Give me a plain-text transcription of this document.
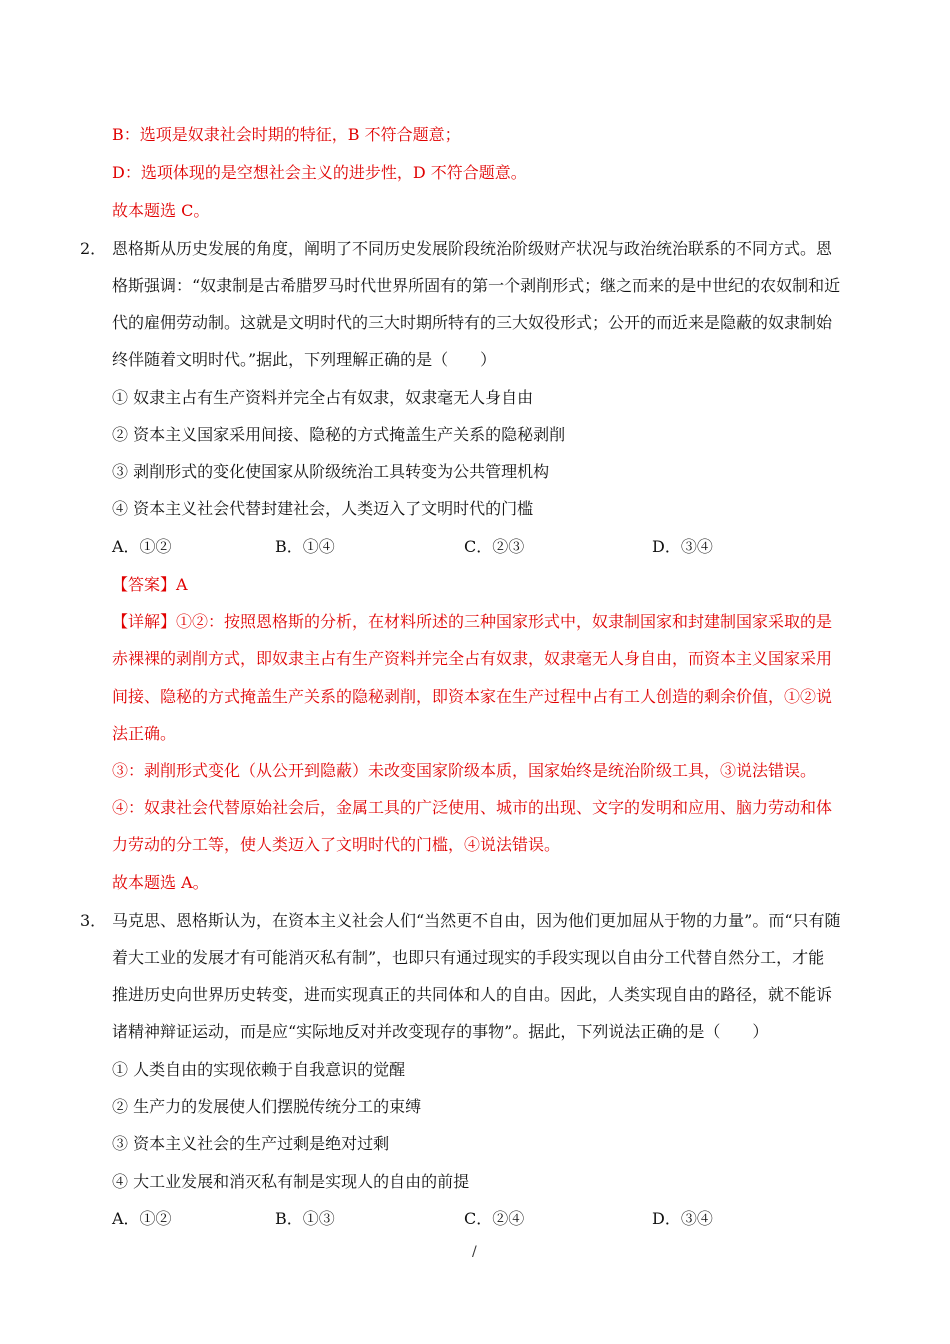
B：选项是奴隶社会时期的特征，B 不符合题意；
D：选项体现的是空想社会主义的进步性，D 不符合题意。
故本题选 C。
2． 恩格斯从历史发展的角度，阐明了不同历史发展阶段统治阶级财产状况与政治统治联系的不同方式。恩
格斯强调：“奴隶制是古希腊罗马时代世界所固有的第一个剥削形式；继之而来的是中世纪的农奴制和近
代的雇佣劳动制。这就是文明时代的三大时期所特有的三大奴役形式；公开的而近来是隐蔽的奴隶制始
终伴随着文明时代。”据此，下列理解正确的是（　　）
① 奴隶主占有生产资料并完全占有奴隶，奴隶毫无人身自由
② 资本主义国家采用间接、隐秘的方式掩盖生产关系的隐秘剥削
③ 剥削形式的变化使国家从阶级统治工具转变为公共管理机构
④ 资本主义社会代替封建社会，人类迈入了文明时代的门槛
A．①②	B．①④	C．②③	D．③④
【答案】A
【详解】①②：按照恩格斯的分析，在材料所述的三种国家形式中，奴隶制国家和封建制国家采取的是
赤裸裸的剥削方式，即奴隶主占有生产资料并完全占有奴隶，奴隶毫无人身自由，而资本主义国家采用
间接、隐秘的方式掩盖生产关系的隐秘剥削，即资本家在生产过程中占有工人创造的剩余价值，①②说
法正确。
③：剥削形式变化（从公开到隐蔽）未改变国家阶级本质，国家始终是统治阶级工具，③说法错误。
④：奴隶社会代替原始社会后，金属工具的广泛使用、城市的出现、文字的发明和应用、脑力劳动和体
力劳动的分工等，使人类迈入了文明时代的门槛，④说法错误。
故本题选 A。
3． 马克思、恩格斯认为，在资本主义社会人们“当然更不自由，因为他们更加屈从于物的力量”。而“只有随
着大工业的发展才有可能消灭私有制”，也即只有通过现实的手段实现以自由分工代替自然分工，才能
推进历史向世界历史转变，进而实现真正的共同体和人的自由。因此，人类实现自由的路径，就不能诉
诸精神辩证运动，而是应“实际地反对并改变现存的事物”。据此，下列说法正确的是（　　）
① 人类自由的实现依赖于自我意识的觉醒
② 生产力的发展使人们摆脱传统分工的束缚
③ 资本主义社会的生产过剩是绝对过剩
④ 大工业发展和消灭私有制是实现人的自由的前提
A．①②	B．①③	C．②④	D．③④
/
